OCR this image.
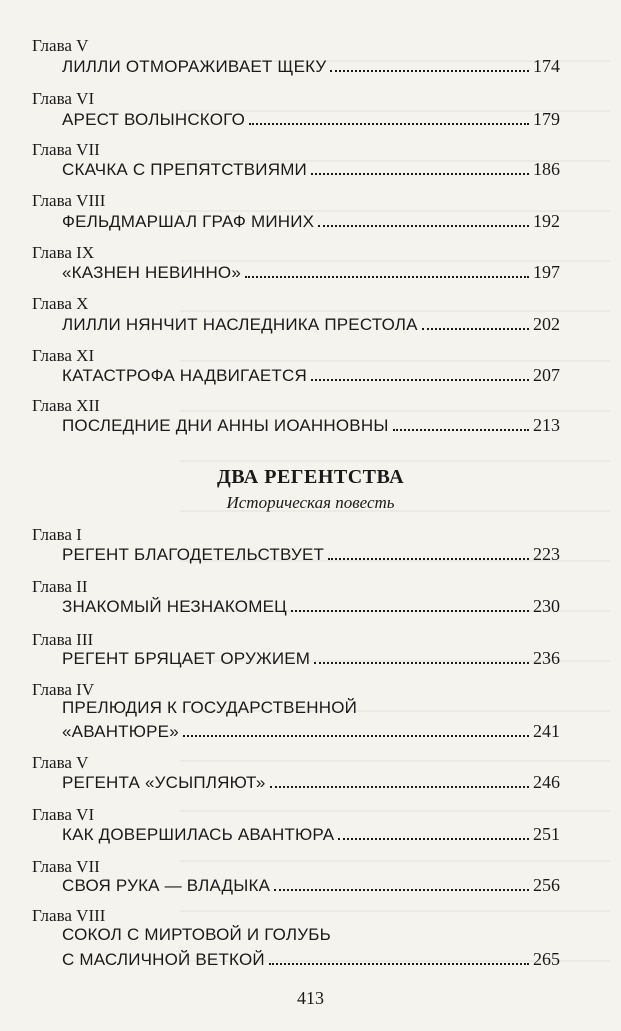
Глава V
ЛИЛЛИ ОТМОРАЖИВАЕТ ЩЕКУ	174
Глава VI
АРЕСТ ВОЛЫНСКОГО	179
Глава VII
СКАЧКА С ПРЕПЯТСТВИЯМИ	186
Глава VIII
ФЕЛЬДМАРШАЛ ГРАФ МИНИХ	192
Глава IX
«КАЗНЕН НЕВИННО»	197
Глава X
ЛИЛЛИ НЯНЧИТ НАСЛЕДНИКА ПРЕСТОЛА	202
Глава XI
КАТАСТРОФА НАДВИГАЕТСЯ	207
Глава XII
ПОСЛЕДНИЕ ДНИ АННЫ ИОАННОВНЫ	213
ДВА РЕГЕНТСТВА
Историческая повесть
Глава I
РЕГЕНТ БЛАГОДЕТЕЛЬСТВУЕТ	223
Глава II
ЗНАКОМЫЙ НЕЗНАКОМЕЦ	230
Глава III
РЕГЕНТ БРЯЦАЕТ ОРУЖИЕМ	236
Глава IV
ПРЕЛЮДИЯ К ГОСУДАРСТВЕННОЙ
«АВАНТЮРЕ»	241
Глава V
РЕГЕНТА «УСЫПЛЯЮТ»	246
Глава VI
КАК ДОВЕРШИЛАСЬ АВАНТЮРА	251
Глава VII
СВОЯ РУКА — ВЛАДЫКА	256
Глава VIII
СОКОЛ С МИРТОВОЙ И ГОЛУБЬ
С МАСЛИЧНОЙ ВЕТКОЙ	265
413
